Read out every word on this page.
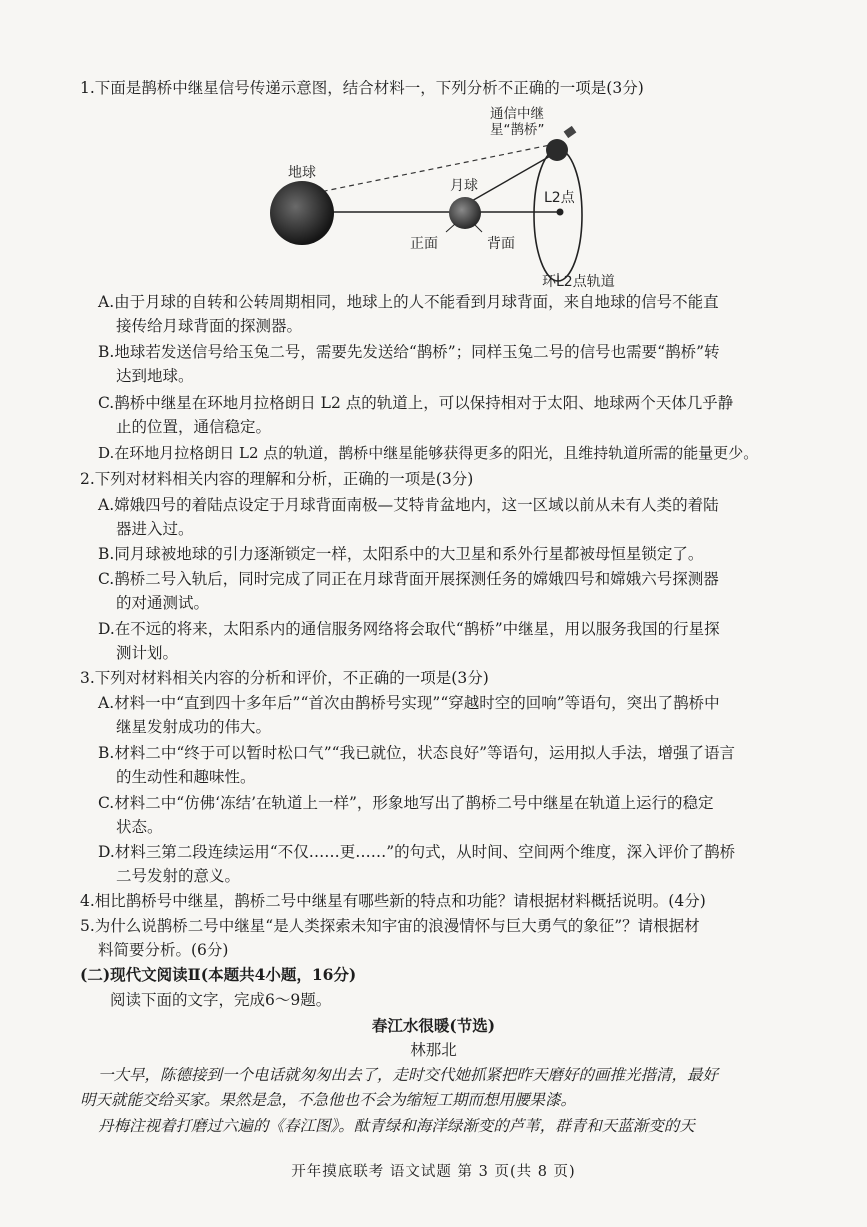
1.下面是鹊桥中继星信号传递示意图，结合材料一，下列分析不正确的一项是(3分)
地球
月球
正面	背面
L2点
通信中继
星“鹊桥”
环L2点轨道
A.由于月球的自转和公转周期相同，地球上的人不能看到月球背面，来自地球的信号不能直
接传给月球背面的探测器。
B.地球若发送信号给玉兔二号，需要先发送给“鹊桥”；同样玉兔二号的信号也需要“鹊桥”转
达到地球。
C.鹊桥中继星在环地月拉格朗日 L2 点的轨道上，可以保持相对于太阳、地球两个天体几乎静
止的位置，通信稳定。
D.在环地月拉格朗日 L2 点的轨道，鹊桥中继星能够获得更多的阳光，且维持轨道所需的能量更少。
2.下列对材料相关内容的理解和分析，正确的一项是(3分)
A.嫦娥四号的着陆点设定于月球背面南极—艾特肯盆地内，这一区域以前从未有人类的着陆
器进入过。
B.同月球被地球的引力逐渐锁定一样，太阳系中的大卫星和系外行星都被母恒星锁定了。
C.鹊桥二号入轨后，同时完成了同正在月球背面开展探测任务的嫦娥四号和嫦娥六号探测器
的对通测试。
D.在不远的将来，太阳系内的通信服务网络将会取代“鹊桥”中继星，用以服务我国的行星探
测计划。
3.下列对材料相关内容的分析和评价，不正确的一项是(3分)
A.材料一中“直到四十多年后”“首次由鹊桥号实现”“穿越时空的回响”等语句，突出了鹊桥中
继星发射成功的伟大。
B.材料二中“终于可以暂时松口气”“我已就位，状态良好”等语句，运用拟人手法，增强了语言
的生动性和趣味性。
C.材料二中“仿佛‘冻结’在轨道上一样”，形象地写出了鹊桥二号中继星在轨道上运行的稳定
状态。
D.材料三第二段连续运用“不仅……更……”的句式，从时间、空间两个维度，深入评价了鹊桥
二号发射的意义。
4.相比鹊桥号中继星，鹊桥二号中继星有哪些新的特点和功能？请根据材料概括说明。(4分)
5.为什么说鹊桥二号中继星“是人类探索未知宇宙的浪漫情怀与巨大勇气的象征”？请根据材
料简要分析。(6分)
(二)现代文阅读Ⅱ(本题共4小题，16分)
阅读下面的文字，完成6～9题。
春江水很暖(节选)
林那北
一大早，陈德接到一个电话就匆匆出去了，走时交代她抓紧把昨天磨好的画推光揩清，最好
明天就能交给买家。果然是急，不急他也不会为缩短工期而想用腰果漆。
丹梅注视着打磨过六遍的《春江图》。酞青绿和海洋绿渐变的芦苇，群青和天蓝渐变的天
开年摸底联考 语文试题 第 3 页(共 8 页)
